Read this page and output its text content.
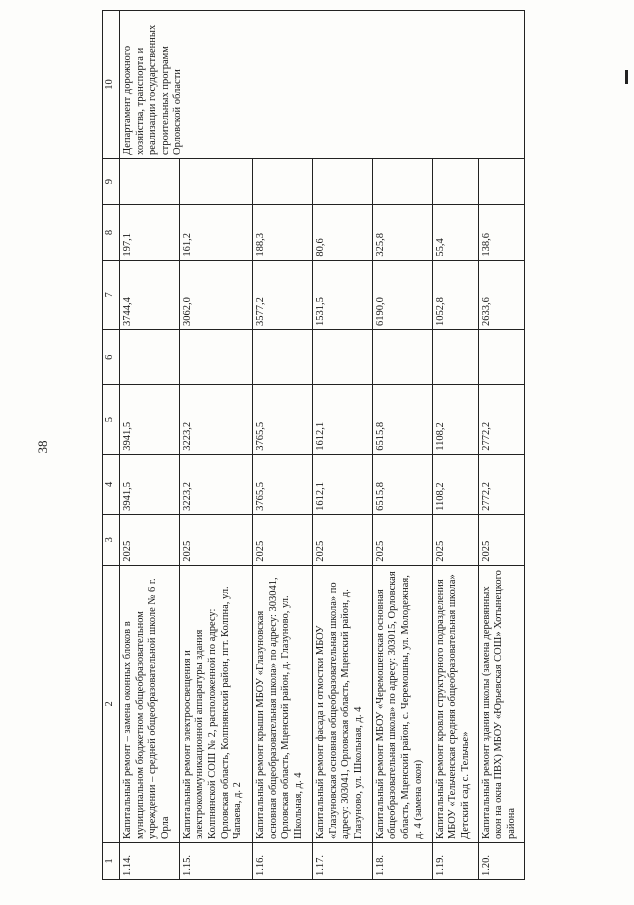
38
1	2	3	4	5	6	7	8	9	10
1.14.	Капитальный ремонт – замена оконных блоков в муниципальном бюджетном общеобразовательном учреждении – средней общеобразовательной школе № 6 г. Орла	2025	3941,5	3941,5		3744,4	197,1		Департамент дорожного хозяйства, транспорта и реализации государственных строительных программ Орловской области
1.15.	Капитальный ремонт электроосвещения и электрокоммуникационной аппаратуры здания Колпнянской СОШ № 2, расположенной по адресу: Орловская область, Колпнянский район, пгт. Колпна, ул. Чапаева, д. 2	2025	3223,2	3223,2		3062,0	161,2		
1.16.	Капитальный ремонт крыши МБОУ «Глазуновская основная общеобразовательная школа» по адресу: 303041, Орловская область, Мценский район, д. Глазуново, ул. Школьная, д. 4	2025	3765,5	3765,5		3577,2	188,3		
1.17.	Капитальный ремонт фасада и отмостки МБОУ «Глазуновская основная общеобразовательная школа» по адресу: 303041, Орловская область, Мценский район, д. Глазуново, ул. Школьная, д. 4	2025	1612,1	1612,1		1531,5	80,6		
1.18.	Капитальный ремонт МБОУ «Черемошенская основная общеобразовательная школа» по адресу: 303015, Орловская область, Мценский район, с. Черемошны, ул. Молодежная, д. 4 (замена окон)	2025	6515,8	6515,8		6190,0	325,8		
1.19.	Капитальный ремонт кровли структурного подразделения МБОУ «Тельченская средняя общеобразовательная школа» Детский сад с. Тельчье»	2025	1108,2	1108,2		1052,8	55,4		
1.20.	Капитальный ремонт здания школы (замена деревянных окон на окна ПВХ) МБОУ «Юрьевская СОШ» Хотынецкого района	2025	2772,2	2772,2		2633,6	138,6		
